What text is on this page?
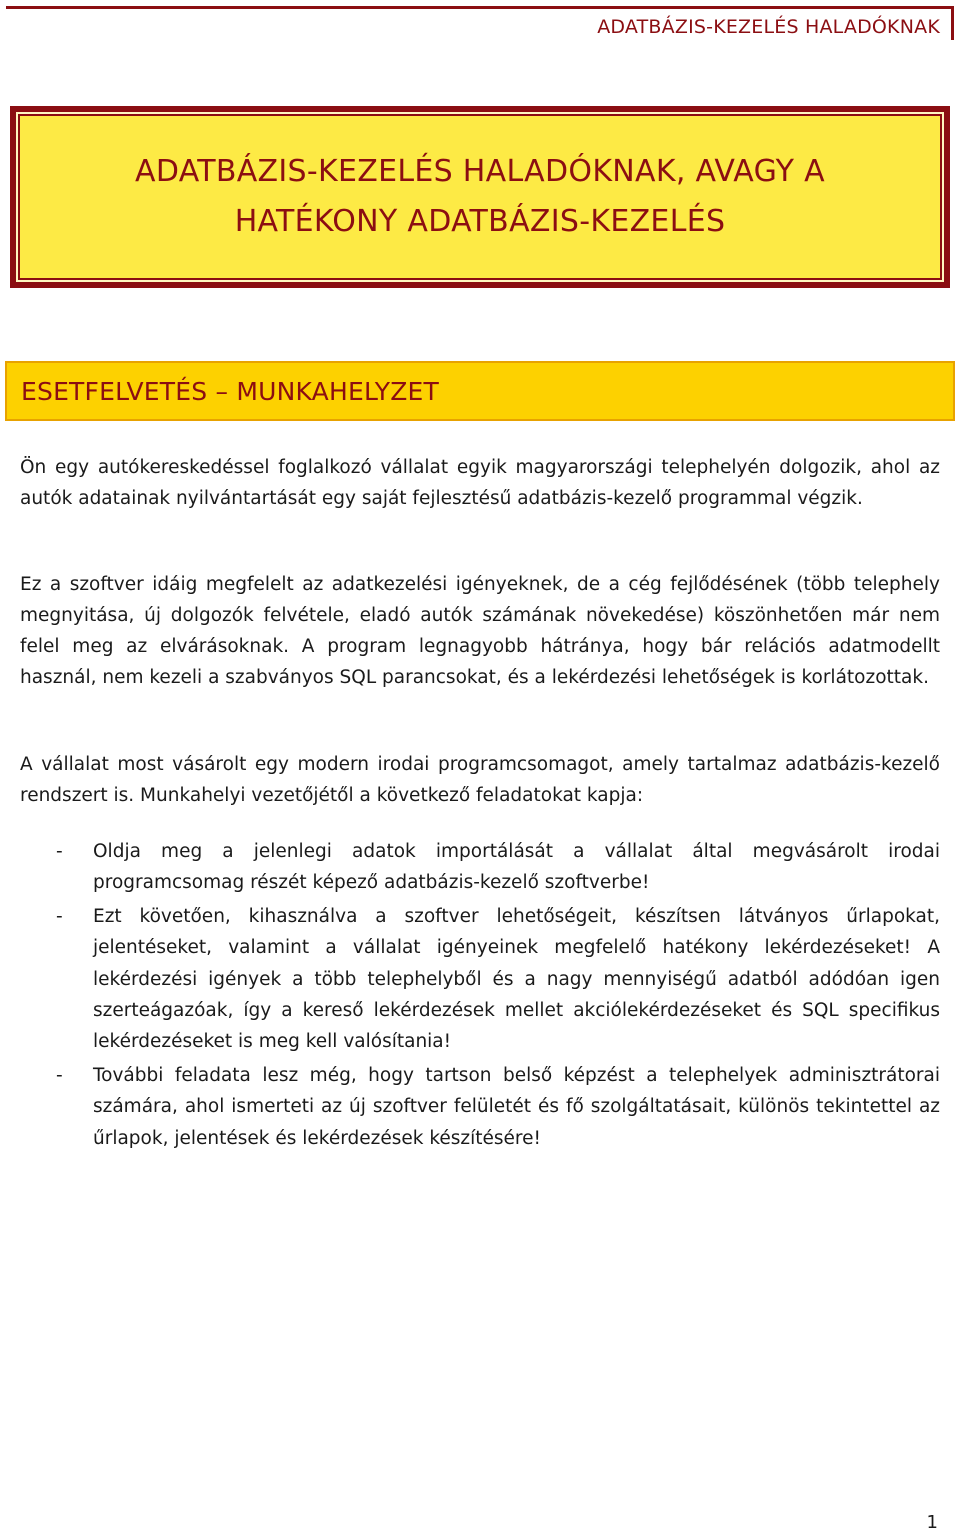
ADATBÁZIS-KEZELÉS HALADÓKNAK
ADATBÁZIS-KEZELÉS HALADÓKNAK, AVAGY A
HATÉKONY ADATBÁZIS-KEZELÉS
ESETFELVETÉS – MUNKAHELYZET

Ön egy autókereskedéssel foglalkozó vállalat egyik magyarországi telephelyén dolgozik, ahol az autók adatainak nyilvántartását egy saját fejlesztésű adatbázis-kezelő programmal végzik.

Ez a szoftver idáig megfelelt az adatkezelési igényeknek, de a cég fejlődésének (több telephely megnyitása, új dolgozók felvétele, eladó autók számának növekedése) köszönhetően már nem felel meg az elvárásoknak. A program legnagyobb hátránya, hogy bár relációs adatmodellt használ, nem kezeli a szabványos SQL parancsokat, és a lekérdezési lehetőségek is korlátozottak.

A vállalat most vásárolt egy modern irodai programcsomagot, amely tartalmaz adatbázis-kezelő rendszert is. Munkahelyi vezetőjétől a következő feladatokat kapja:

- Oldja meg a jelenlegi adatok importálását a vállalat által megvásárolt irodai programcsomag részét képező adatbázis-kezelő szoftverbe!
- Ezt követően, kihasználva a szoftver lehetőségeit, készítsen látványos űrlapokat, jelentéseket, valamint a vállalat igényeinek megfelelő hatékony lekérdezéseket! A lekérdezési igények a több telephelyből és a nagy mennyiségű adatból adódóan igen szerteágazóak, így a kereső lekérdezések mellet akciólekérdezéseket és SQL specifikus lekérdezéseket is meg kell valósítania!
- További feladata lesz még, hogy tartson belső képzést a telephelyek adminisztrátorai számára, ahol ismerteti az új szoftver felületét és fő szolgáltatásait, különös tekintettel az űrlapok, jelentések és lekérdezések készítésére!
1
